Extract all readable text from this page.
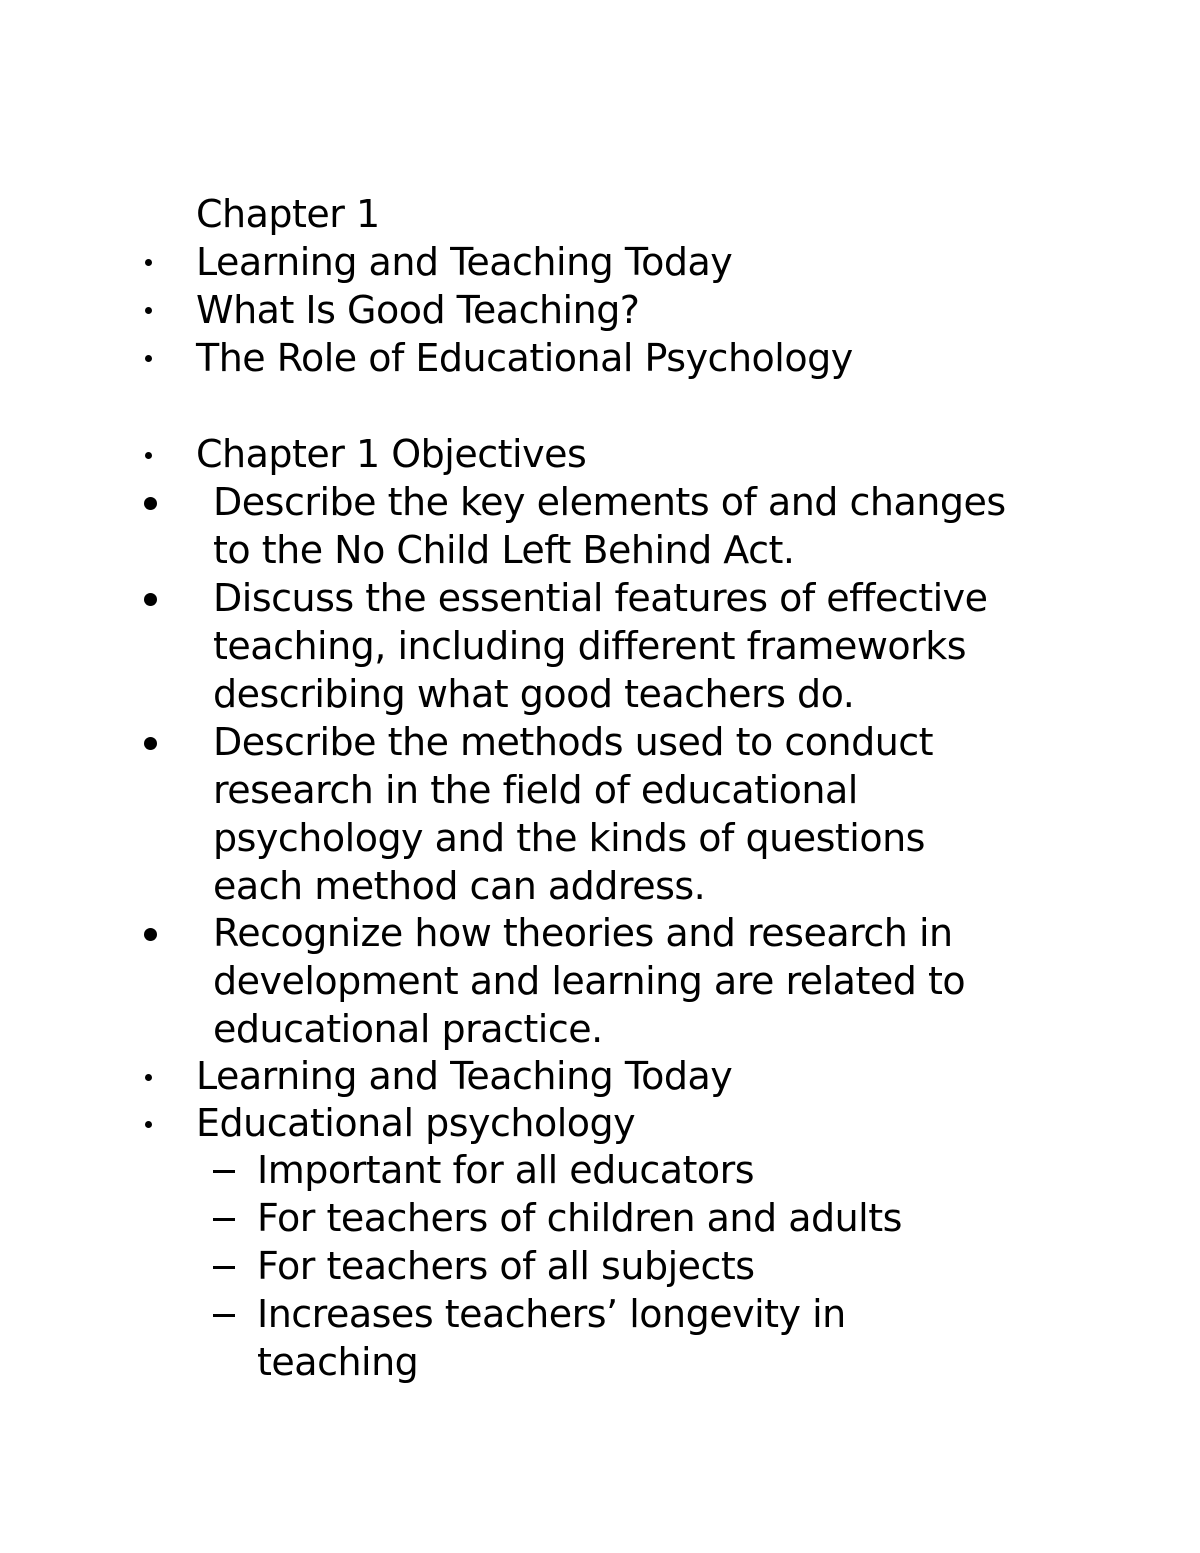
Chapter 1
Learning and Teaching Today
What Is Good Teaching?
The Role of Educational Psychology
Chapter 1 Objectives
Describe the key elements of and changes
to the No Child Left Behind Act.
Discuss the essential features of effective
teaching, including different frameworks
describing what good teachers do.
Describe the methods used to conduct
research in the field of educational
psychology and the kinds of questions
each method can address.
Recognize how theories and research in
development and learning are related to
educational practice.
Learning and Teaching Today
Educational psychology
Important for all educators
For teachers of children and adults
For teachers of all subjects
Increases teachers’ longevity in
teaching
